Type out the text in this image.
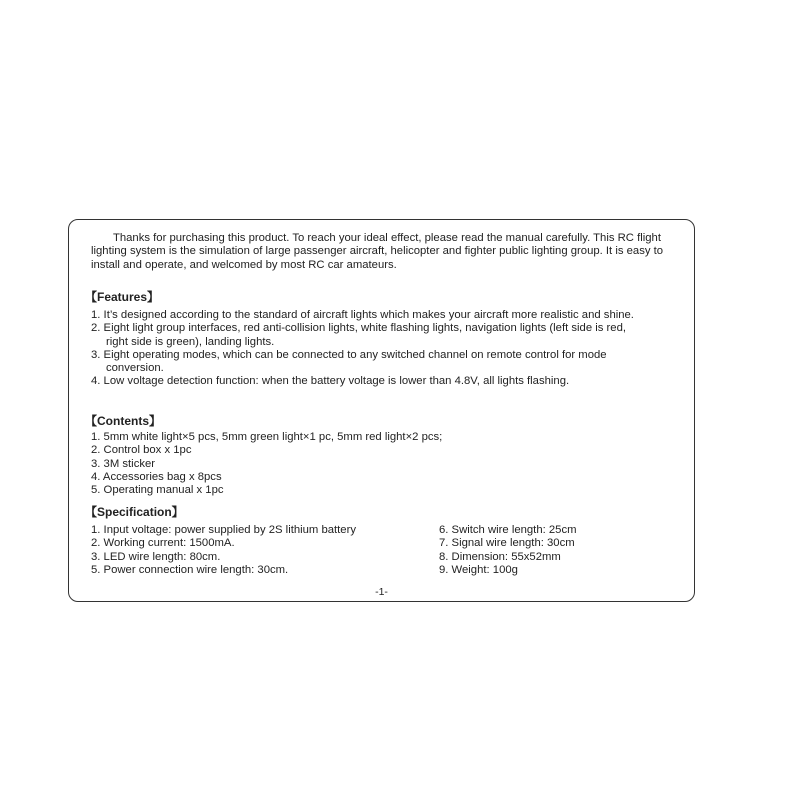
Thanks for purchasing this product. To reach your ideal effect, please read the manual carefully. This RC flight lighting system is the simulation of large passenger aircraft, helicopter and fighter public lighting group. It is easy to install and operate, and welcomed by most RC car amateurs.

【Features】
1. It’s designed according to the standard of aircraft lights which makes your aircraft more realistic and shine.
2. Eight light group interfaces, red anti-collision lights, white flashing lights, navigation lights (left side is red, right side is green), landing lights.
3. Eight operating modes, which can be connected to any switched channel on remote control for mode conversion.
4. Low voltage detection function: when the battery voltage is lower than 4.8V, all lights flashing.
【Contents】
1. 5mm white light×5 pcs, 5mm green light×1 pc, 5mm red light×2 pcs;
2. Control box x 1pc
3. 3M sticker
4. Accessories bag x 8pcs
5. Operating manual x 1pc
【Specification】
1. Input voltage: power supplied by 2S lithium battery
2. Working current: 1500mA.
3. LED wire length: 80cm.
5. Power connection wire length: 30cm.
6. Switch wire length: 25cm
7. Signal wire length: 30cm
8. Dimension: 55x52mm
9. Weight: 100g
-1-
